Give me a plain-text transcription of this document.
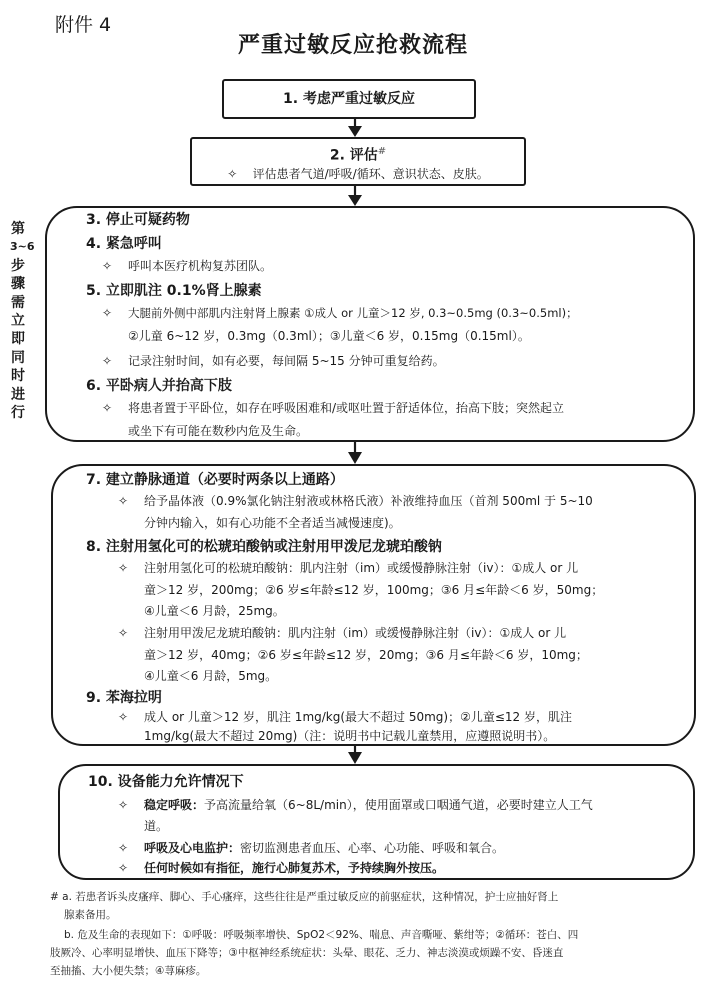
附件 4
严重过敏反应抢救流程
1. 考虑严重过敏反应
2. 评估#
✧ 评估患者气道/呼吸/循环、意识状态、皮肤。
第
3~6
步
骤
需
立
即
同
时
进
行
3. 停止可疑药物
4. 紧急呼叫
✧ 呼叫本医疗机构复苏团队。
5. 立即肌注 0.1%肾上腺素
✧ 大腿前外侧中部肌内注射肾上腺素 ①成人 or 儿童＞12 岁, 0.3~0.5mg (0.3~0.5ml)；
②儿童 6~12 岁，0.3mg（0.3ml）；③儿童＜6 岁，0.15mg（0.15ml）。
✧ 记录注射时间，如有必要，每间隔 5~15 分钟可重复给药。
6. 平卧病人并抬高下肢
✧ 将患者置于平卧位，如存在呼吸困难和/或呕吐置于舒适体位，抬高下肢；突然起立
或坐下有可能在数秒内危及生命。
7. 建立静脉通道（必要时两条以上通路）
✧ 给予晶体液（0.9%氯化钠注射液或林格氏液）补液维持血压（首剂 500ml 于 5~10
分钟内输入，如有心功能不全者适当减慢速度)。
8. 注射用氢化可的松琥珀酸钠或注射用甲泼尼龙琥珀酸钠
✧ 注射用氢化可的松琥珀酸钠：肌内注射（im）或缓慢静脉注射（iv）：①成人 or 儿
童＞12 岁，200mg；②6 岁≤年龄≤12 岁，100mg；③6 月≤年龄＜6 岁，50mg；
④儿童＜6 月龄，25mg。
✧ 注射用甲泼尼龙琥珀酸钠：肌内注射（im）或缓慢静脉注射（iv）：①成人 or 儿
童＞12 岁，40mg；②6 岁≤年龄≤12 岁，20mg；③6 月≤年龄＜6 岁，10mg；
④儿童＜6 月龄，5mg。
9. 苯海拉明
✧ 成人 or 儿童＞12 岁，肌注 1mg/kg(最大不超过 50mg)；②儿童≤12 岁，肌注
1mg/kg(最大不超过 20mg)（注：说明书中记载儿童禁用，应遵照说明书）。
10. 设备能力允许情况下
✧ 稳定呼吸：予高流量给氧（6~8L/min），使用面罩或口咽通气道，必要时建立人工气
道。
✧ 呼吸及心电监护：密切监测患者血压、心率、心功能、呼吸和氧合。
✧ 任何时候如有指征，施行心肺复苏术，予持续胸外按压。
# a. 若患者诉头皮瘙痒、脚心、手心瘙痒，这些往往是严重过敏反应的前驱症状，这种情况，护士应抽好肾上
腺素备用。
b. 危及生命的表现如下：①呼吸：呼吸频率增快、SpO2＜92%、喘息、声音嘶哑、紫绀等；②循环：苍白、四
肢厥冷、心率明显增快、血压下降等；③中枢神经系统症状：头晕、眼花、乏力、神志淡漠或烦躁不安、昏迷直
至抽搐、大小便失禁；④荨麻疹。
